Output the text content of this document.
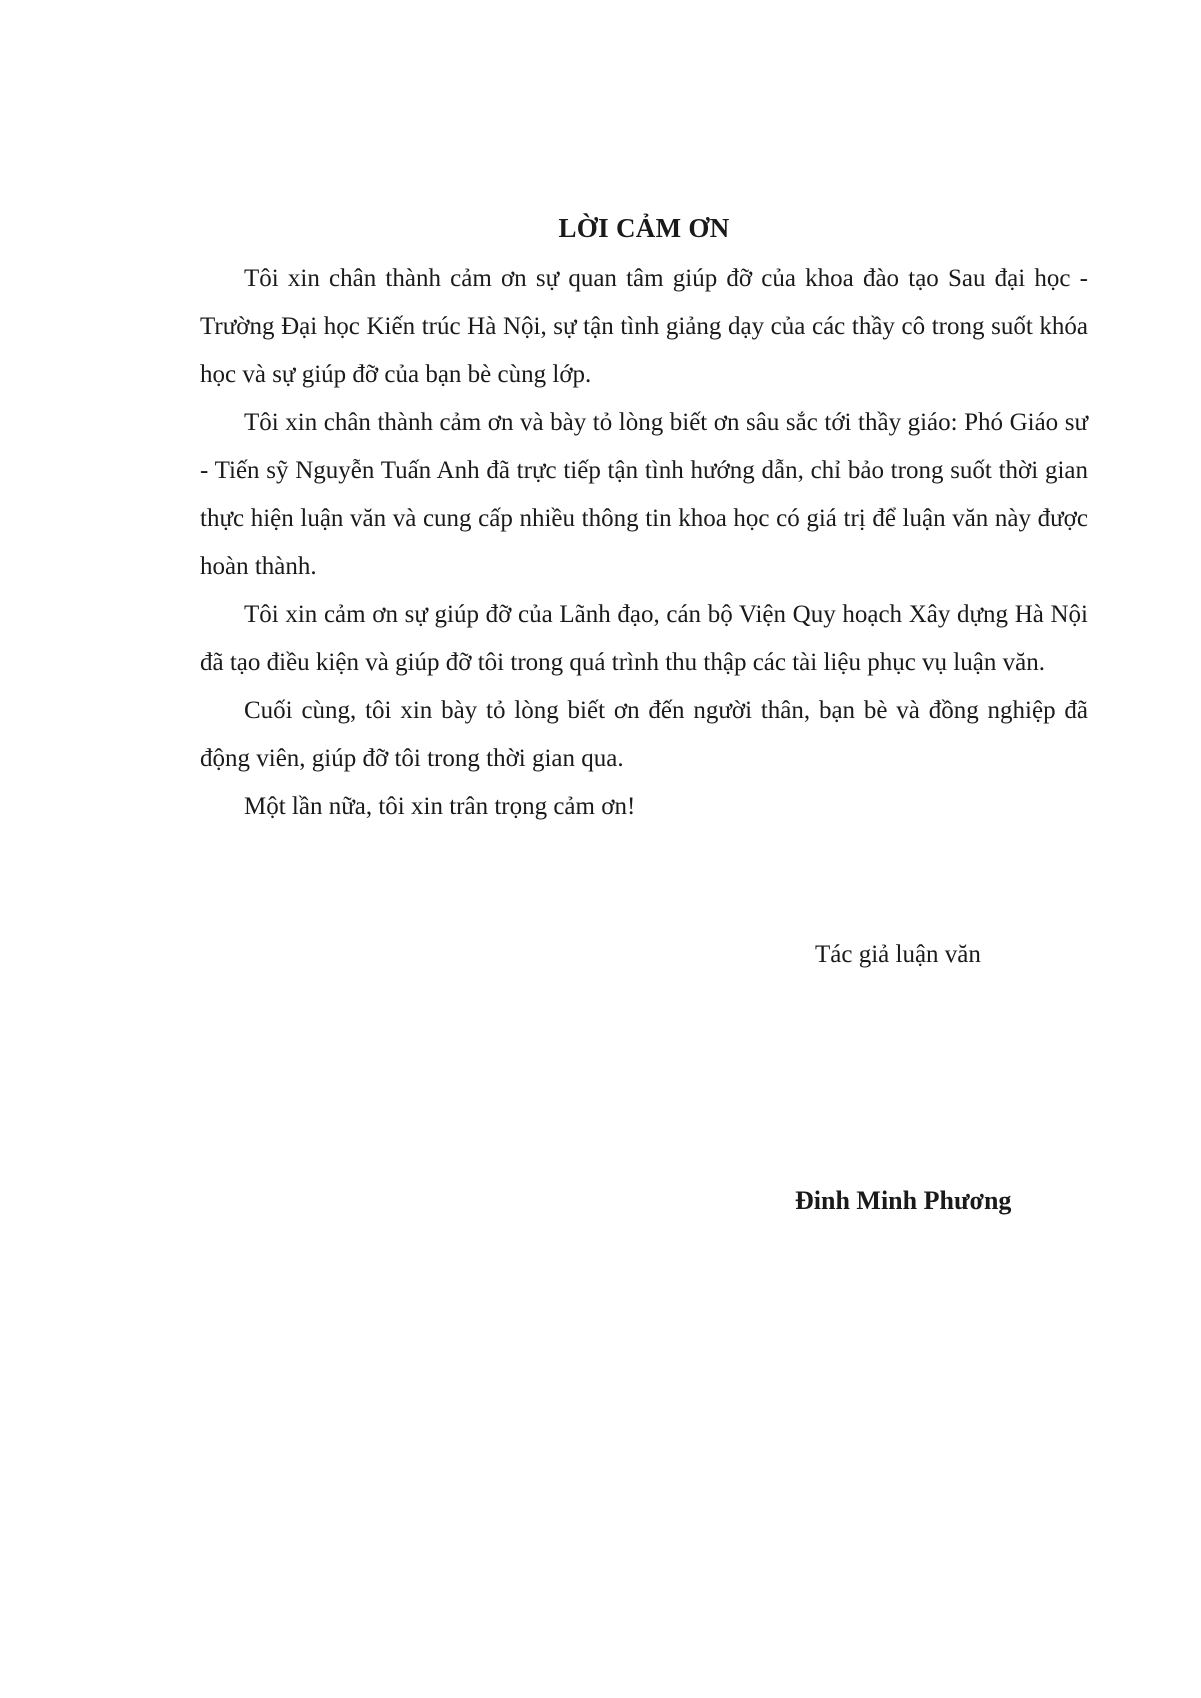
LỜI CẢM ƠN

Tôi xin chân thành cảm ơn sự quan tâm giúp đỡ của khoa đào tạo Sau đại học - Trường Đại học Kiến trúc Hà Nội, sự tận tình giảng dạy của các thầy cô trong suốt khóa học và sự giúp đỡ của bạn bè cùng lớp.

Tôi xin chân thành cảm ơn và bày tỏ lòng biết ơn sâu sắc tới thầy giáo: Phó Giáo sư - Tiến sỹ Nguyễn Tuấn Anh đã trực tiếp tận tình hướng dẫn, chỉ bảo trong suốt thời gian thực hiện luận văn và cung cấp nhiều thông tin khoa học có giá trị để luận văn này được hoàn thành.

Tôi xin cảm ơn sự giúp đỡ của Lãnh đạo, cán bộ Viện Quy hoạch Xây dựng Hà Nội đã tạo điều kiện và giúp đỡ tôi trong quá trình thu thập các tài liệu phục vụ luận văn.

Cuối cùng, tôi xin bày tỏ lòng biết ơn đến người thân, bạn bè và đồng nghiệp đã động viên, giúp đỡ tôi trong thời gian qua.

Một lần nữa, tôi xin trân trọng cảm ơn!

Tác giả luận văn
Đinh Minh Phương
